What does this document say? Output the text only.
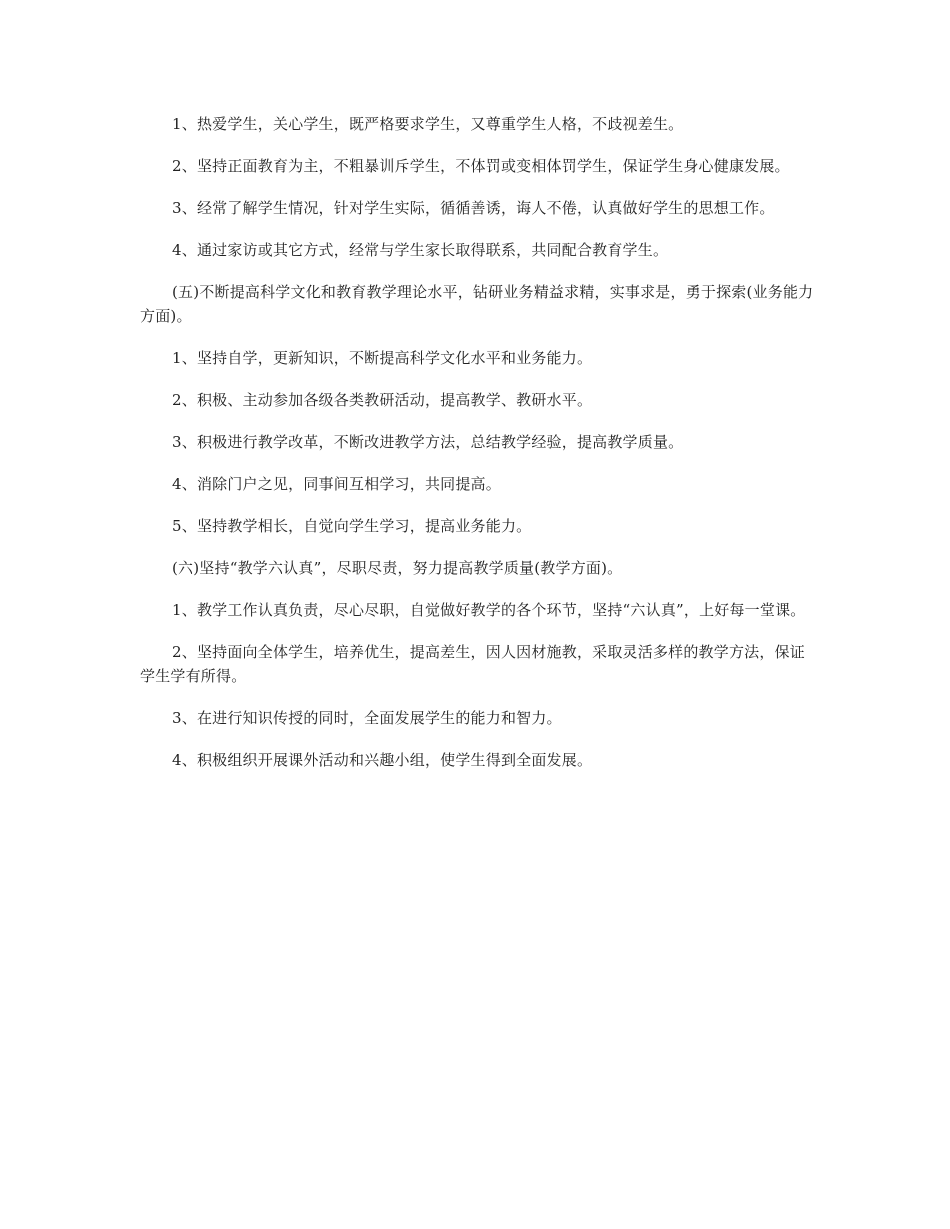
1、热爱学生，关心学生，既严格要求学生，又尊重学生人格，不歧视差生。

2、坚持正面教育为主，不粗暴训斥学生，不体罚或变相体罚学生，保证学生身心健康发展。

3、经常了解学生情况，针对学生实际，循循善诱，诲人不倦，认真做好学生的思想工作。

4、通过家访或其它方式，经常与学生家长取得联系，共同配合教育学生。

(五)不断提高科学文化和教育教学理论水平，钻研业务精益求精，实事求是，勇于探索(业务能力方面)。

1、坚持自学，更新知识，不断提高科学文化水平和业务能力。

2、积极、主动参加各级各类教研活动，提高教学、教研水平。

3、积极进行教学改革，不断改进教学方法，总结教学经验，提高教学质量。

4、消除门户之见，同事间互相学习，共同提高。

5、坚持教学相长，自觉向学生学习，提高业务能力。

(六)坚持“教学六认真”，尽职尽责，努力提高教学质量(教学方面)。

1、教学工作认真负责，尽心尽职，自觉做好教学的各个环节，坚持“六认真”，上好每一堂课。

2、坚持面向全体学生，培养优生，提高差生，因人因材施教，采取灵活多样的教学方法，保证学生学有所得。

3、在进行知识传授的同时，全面发展学生的能力和智力。

4、积极组织开展课外活动和兴趣小组，使学生得到全面发展。
